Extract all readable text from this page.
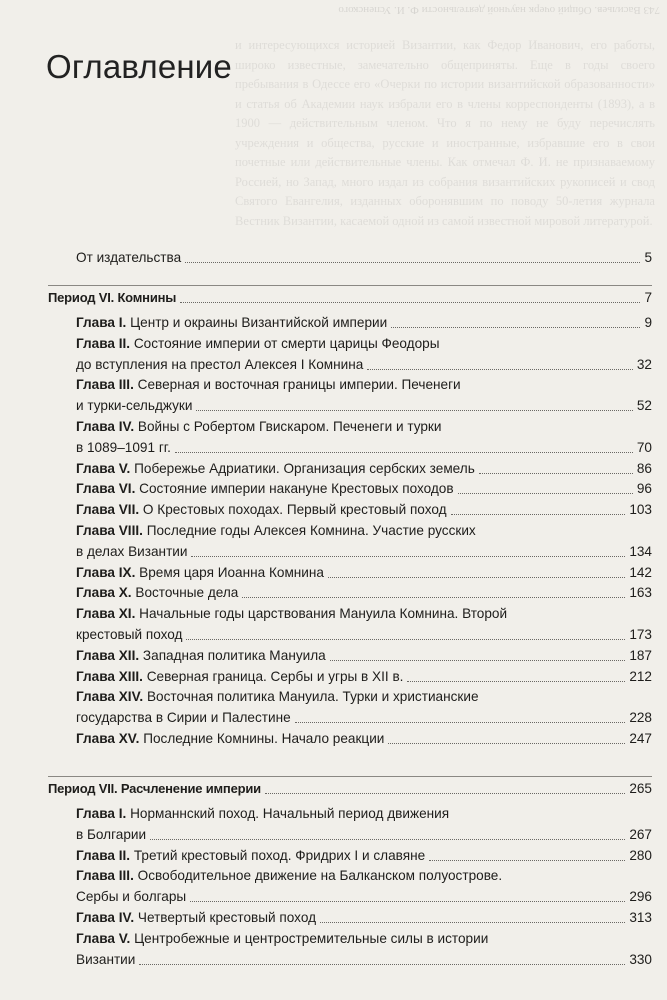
743 Васильев. Общий очерк научной деятельности Ф. И. Успенского
и интересующихся историей Византии, как Федор Иванович, его работы, широко известные, замечательно общеприняты. Еще в годы своего пребывания в Одессе его «Очерки по истории византийской образованности» и статья об Академии наук избрали его в члены корреспонденты (1893), а в 1900 — действительным членом. Что я по нему не буду перечислять учреждения и общества, русские и иностранные, избравшие его в свои почетные или действительные члены. Как отмечал Ф. И. не признаваемому Россией, но Запад, много издал из собрания византийских рукописей и свод Святого Евангелия, изданных оборонявшим по поводу 50-летия журнала Вестник Византии, касаемой одной из самой известной мировой литературой.
Оглавление
От издательства	5
Период VI. Комнины	7
Глава I. Центр и окраины Византийской империи	9
Глава II. Состояние империи от смерти царицы Феодоры
до вступления на престол Алексея I Комнина	32
Глава III. Северная и восточная границы империи. Печенеги
и турки-сельджуки	52
Глава IV. Войны с Робертом Гвискаром. Печенеги и турки
в 1089–1091 гг.	70
Глава V. Побережье Адриатики. Организация сербских земель	86
Глава VI. Состояние империи накануне Крестовых походов	96
Глава VII. О Крестовых походах. Первый крестовый поход	103
Глава VIII. Последние годы Алексея Комнина. Участие русских
в делах Византии	134
Глава IX. Время царя Иоанна Комнина	142
Глава X. Восточные дела	163
Глава XI. Начальные годы царствования Мануила Комнина. Второй
крестовый поход	173
Глава XII. Западная политика Мануила	187
Глава XIII. Северная граница. Сербы и угры в XII в.	212
Глава XIV. Восточная политика Мануила. Турки и христианские
государства в Сирии и Палестине	228
Глава XV. Последние Комнины. Начало реакции	247
Период VII. Расчленение империи	265
Глава I. Норманнский поход. Начальный период движения
в Болгарии	267
Глава II. Третий крестовый поход. Фридрих I и славяне	280
Глава III. Освободительное движение на Балканском полуострове.
Сербы и болгары	296
Глава IV. Четвертый крестовый поход	313
Глава V. Центробежные и центростремительные силы в истории
Византии	330
